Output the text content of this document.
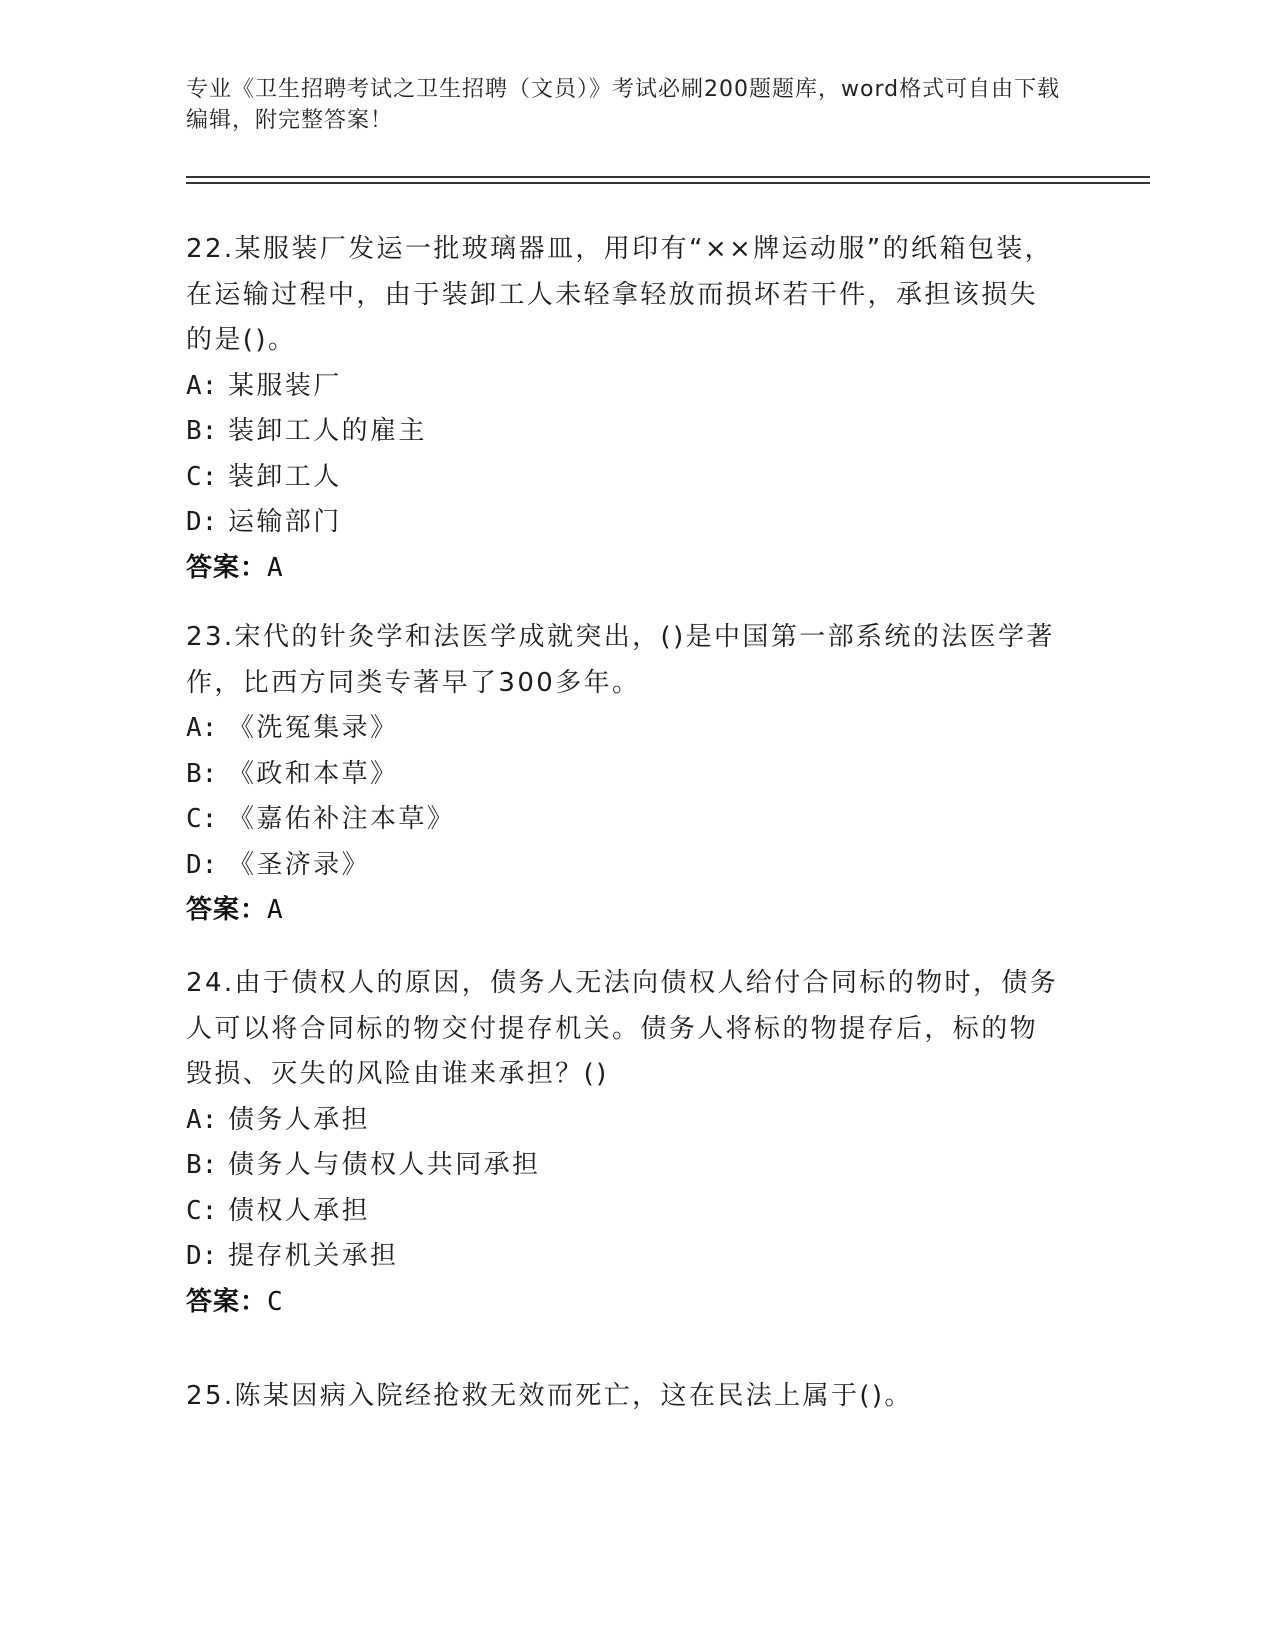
专业《卫生招聘考试之卫生招聘（文员）》考试必刷200题题库，word格式可自由下载编辑，附完整答案！

22.某服装厂发运一批玻璃器皿，用印有“××牌运动服”的纸箱包装，在运输过程中，由于装卸工人未轻拿轻放而损坏若干件，承担该损失的是()。

A: 某服装厂
B: 装卸工人的雇主
C: 装卸工人
D: 运输部门
答案：A

23.宋代的针灸学和法医学成就突出，()是中国第一部系统的法医学著作，比西方同类专著早了300多年。

A: 《洗冤集录》
B: 《政和本草》
C: 《嘉佑补注本草》
D: 《圣济录》
答案：A

24.由于债权人的原因，债务人无法向债权人给付合同标的物时，债务人可以将合同标的物交付提存机关。债务人将标的物提存后，标的物毁损、灭失的风险由谁来承担？()

A: 债务人承担
B: 债务人与债权人共同承担
C: 债权人承担
D: 提存机关承担
答案：C

25.陈某因病入院经抢救无效而死亡，这在民法上属于()。
